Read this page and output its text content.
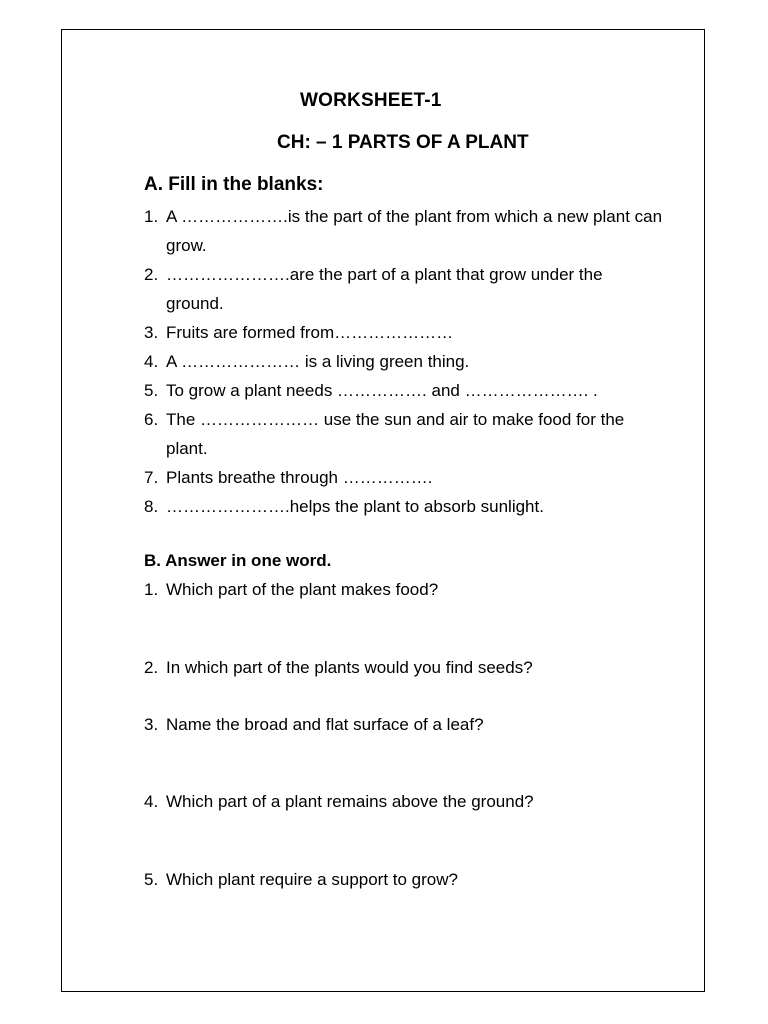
WORKSHEET-1
CH: – 1 PARTS OF A PLANT
A. Fill in the blanks:
1. A ……………….is the part of the plant from which a new plant can grow.
2. ………………….are the part of a plant that grow under the ground.
3. Fruits are formed from…………………
4. A ………………… is a living green thing.
5. To grow a plant needs ……………. and …………………. .
6. The ………………… use the sun and air to make food for the plant.
7. Plants breathe through …………….
8. ………………….helps the plant to absorb sunlight.
B. Answer in one word.
1. Which part of the plant makes food?
2. In which part of the plants would you find seeds?
3. Name the broad and flat surface of a leaf?
4. Which part of a plant remains above the ground?
5. Which plant require a support to grow?
